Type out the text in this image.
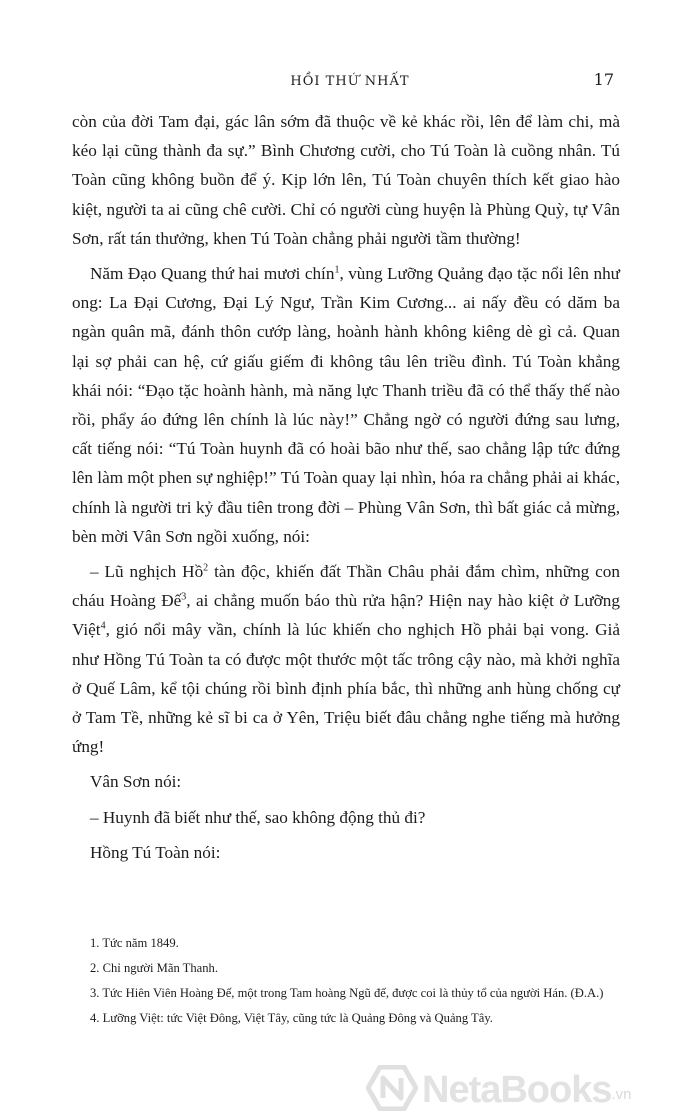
HỒI THỨ NHẤT	17

còn của đời Tam đại, gác lân sớm đã thuộc về kẻ khác rồi, lên để làm chi, mà kéo lại cũng thành đa sự.” Bình Chương cười, cho Tú Toàn là cuồng nhân. Tú Toàn cũng không buồn để ý. Kịp lớn lên, Tú Toàn chuyên thích kết giao hào kiệt, người ta ai cũng chê cười. Chỉ có người cùng huyện là Phùng Quỳ, tự Vân Sơn, rất tán thưởng, khen Tú Toàn chẳng phải người tầm thường!

Năm Đạo Quang thứ hai mươi chín$^1$, vùng Lưỡng Quảng đạo tặc nổi lên như ong: La Đại Cương, Đại Lý Ngư, Trần Kim Cương... ai nấy đều có dăm ba ngàn quân mã, đánh thôn cướp làng, hoành hành không kiêng dè gì cả. Quan lại sợ phải can hệ, cứ giấu giếm đi không tâu lên triều đình. Tú Toàn khẳng khái nói: “Đạo tặc hoành hành, mà năng lực Thanh triều đã có thể thấy thế nào rồi, phẩy áo đứng lên chính là lúc này!” Chẳng ngờ có người đứng sau lưng, cất tiếng nói: “Tú Toàn huynh đã có hoài bão như thế, sao chẳng lập tức đứng lên làm một phen sự nghiệp!” Tú Toàn quay lại nhìn, hóa ra chẳng phải ai khác, chính là người tri kỷ đầu tiên trong đời – Phùng Vân Sơn, thì bất giác cả mừng, bèn mời Vân Sơn ngồi xuống, nói:

– Lũ nghịch Hồ$^2$ tàn độc, khiến đất Thần Châu phải đắm chìm, những con cháu Hoàng Đế$^3$, ai chẳng muốn báo thù rửa hận? Hiện nay hào kiệt ở Lưỡng Việt$^4$, gió nổi mây vần, chính là lúc khiến cho nghịch Hồ phải bại vong. Giả như Hồng Tú Toàn ta có được một thước một tấc trông cậy nào, mà khởi nghĩa ở Quế Lâm, kể tội chúng rồi bình định phía bắc, thì những anh hùng chống cự ở Tam Tề, những kẻ sĩ bi ca ở Yên, Triệu biết đâu chẳng nghe tiếng mà hưởng ứng!

Vân Sơn nói:

– Huynh đã biết như thế, sao không động thủ đi?

Hồng Tú Toàn nói:

1. Tức năm 1849.
2. Chỉ người Mãn Thanh.
3. Tức Hiên Viên Hoàng Đế, một trong Tam hoàng Ngũ đế, được coi là thủy tổ của người Hán. (Đ.A.)
4. Lưỡng Việt: tức Việt Đông, Việt Tây, cũng tức là Quảng Đông và Quảng Tây.
NetaBooks .vn
